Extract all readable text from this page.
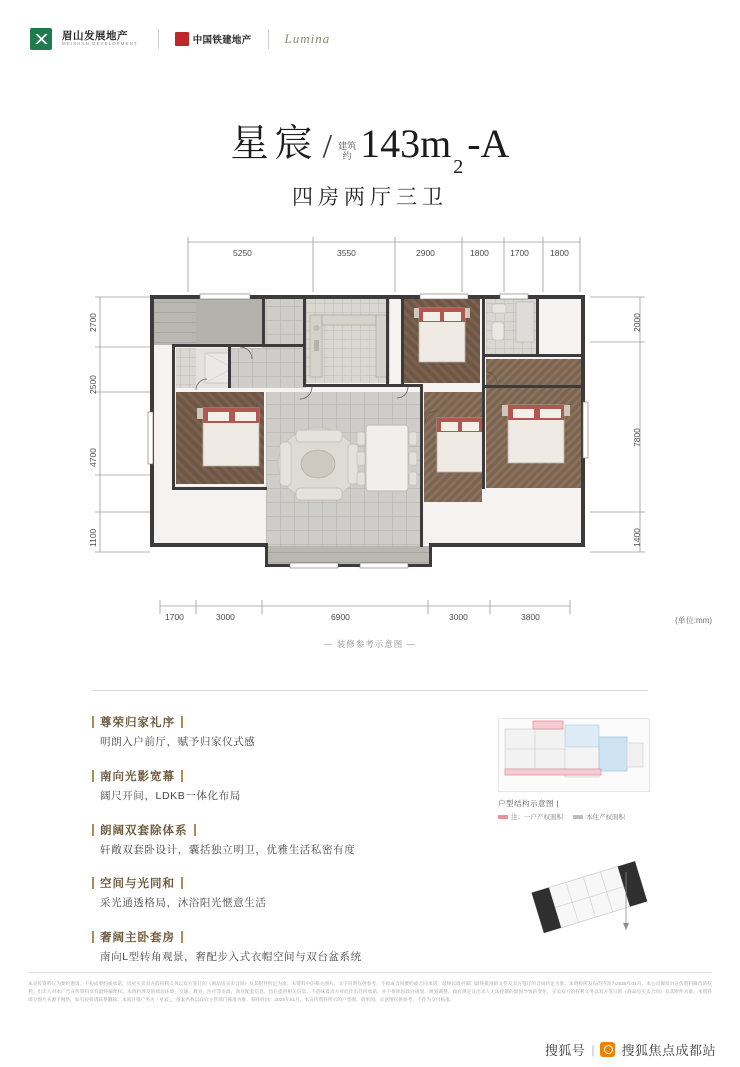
眉山发展地产
MEISHAN DEVELOPMENT	中国铁建地产	Lumina
星宸 / 建筑约 143m
2
-A
四房两厅三卫
5250	3550	2900	1800 1700 1800
2700
2500
4700
1100
2000
7800
1400
1700	3000	6900	3000	3800	(单位:mm)
— 装修参考示意图 —
尊荣归家礼序
明朗入户前厅，赋予归家仪式感
南向光影宽幕
阔尺开间，LDKB一体化布局
朗阔双套除体系
轩敞双套卧设计，囊括独立明卫，优雅生活私密有度
空间与光同和
采光通透格局，沐浴阳光惬意生活
奢阔主卧套房
南向L型转角观景，奢配步入式衣帽空间与双台盆系统
户型结构示意图 |
注：一户产权面积	本住产权面积
本宣传资料仅为要约邀请，不构成要约或承诺，房屋买卖双方的权利义务以双方签订的《商品房买卖合同》及其附件约定为准。本资料中的相关图片、文字说明仅供参考，不构成合同要约或合同承诺，最终以政府部门最终批准的文件及双方签订的合同约定为准。本资料所发布的内容为2025年01月，本公司保留对宣传资料修改的权利。出卖人对本广告宣传资料享有最终解释权。本资料涉及的周边环境、交通、教育、医疗等市政、商业配套信息，旨在提供相关信息，不意味着卖方对此作出任何承诺，亦不排除因政府规划、规划调整、政府规定及出卖人无法控制的原因导致的变化，买卖双方的权利义务以双方签订的《商品房买卖合同》及其附件为准。本资料部分图片来源于网络，如有侵权请联系删除。本项目推广名为「星宸」，备案名称以政府主管部门核准为准。制作时间：2025年01月。本宣传资料所示的户型图、效果图、示意图仅供参考，不作为交付标准。
搜狐号 | 搜狐焦点成都站
